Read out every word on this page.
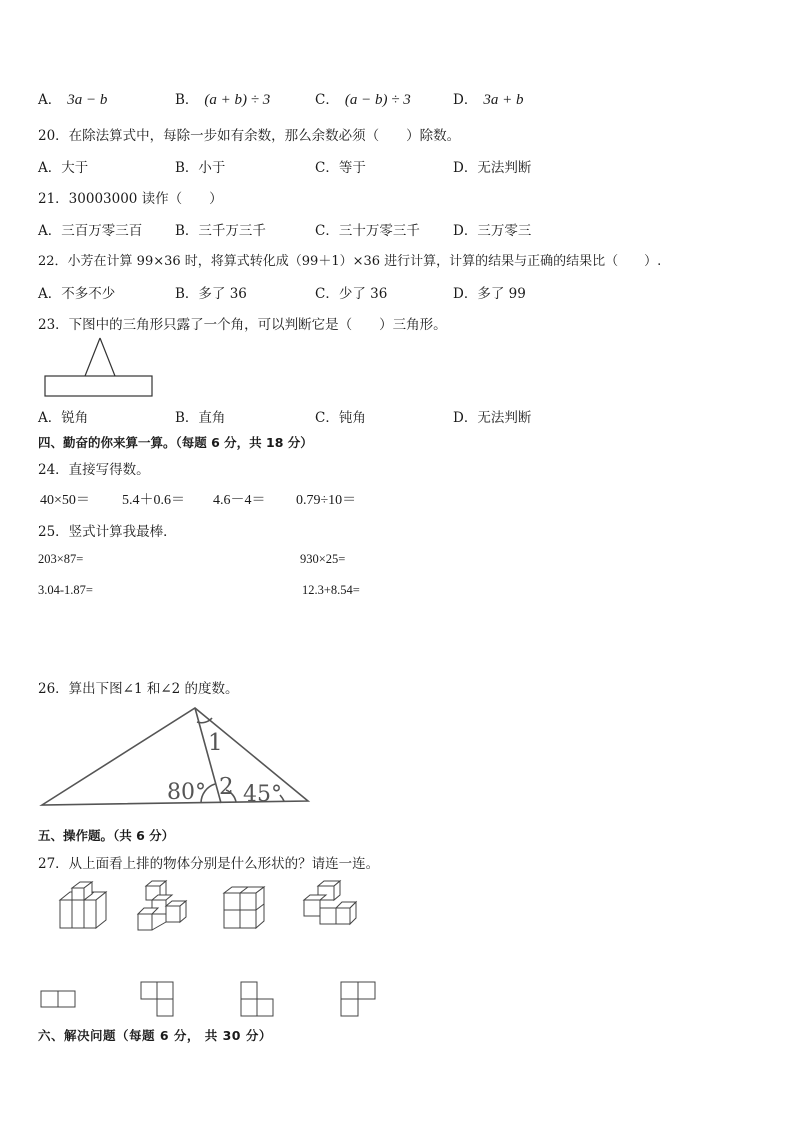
A． 3a − b	B． (a + b) ÷ 3	C． (a − b) ÷ 3	D． 3a + b
20．在除法算式中，每除一步如有余数，那么余数必须（　　）除数。
A．大于	B．小于	C．等于	D．无法判断
21．30003000 读作（　　）
A．三百万零三百 B．三千万三千	C．三十万零三千 D．三万零三
22．小芳在计算 99×36 时，将算式转化成（99＋1）×36 进行计算，计算的结果与正确的结果比（　　）.
A．不多不少	B．多了 36	C．少了 36	D．多了 99
23．下图中的三角形只露了一个角，可以判断它是（　　）三角形。
A．锐角	B．直角	C．钝角	D．无法判断
四、勤奋的你来算一算。（每题 6 分，共 18 分）
24．直接写得数。
40×50＝ 5.4＋0.6＝ 4.6－4＝ 0.79÷10＝
25．竖式计算我最棒．
203×87=	930×25=
3.04-1.87=	12.3+8.54=
26．算出下图∠1 和∠2 的度数。
80° 2 45°
1
五、操作题。（共 6 分）
27．从上面看上排的物体分别是什么形状的？请连一连。
六、解决问题（每题 6 分， 共 30 分）
